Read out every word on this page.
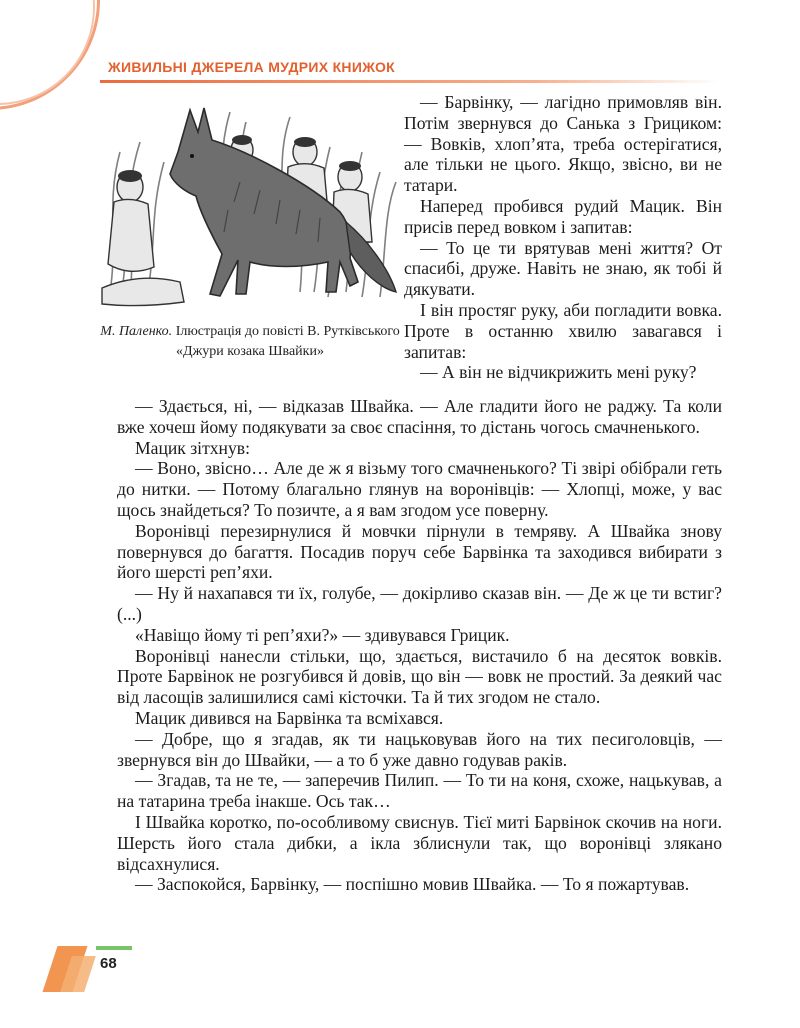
ЖИВИЛЬНІ ДЖЕРЕЛА МУДРИХ КНИЖОК
М. Паленко. Ілюстрація до повісті В. Рутківського «Джури козака Швайки»

— Барвінку, — лагідно примовляв він. Потім звернувся до Санька з Грициком: — Вовків, хлоп’ята, треба остерігатися, але тільки не цього. Якщо, звісно, ви не татари.

Наперед пробився рудий Мацик. Він присів перед вовком і запитав:

— То це ти врятував мені життя? От спасибі, друже. Навіть не знаю, як тобі й дякувати.

І він простяг руку, аби погладити вовка. Проте в останню хвилю завагався і запитав:

— А він не відчикрижить мені руку?

— Здається, ні, — відказав Швайка. — Але гладити його не раджу. Та коли вже хочеш йому подякувати за своє спасіння, то дістань чогось смачненького.

Мацик зітхнув:

— Воно, звісно… Але де ж я візьму того смачненького? Ті звірі обібрали геть до нитки. — Потому благально глянув на воронівців: — Хлопці, може, у вас щось знайдеться? То позичте, а я вам згодом усе поверну.

Воронівці перезирнулися й мовчки пірнули в темряву. А Швайка знову повернувся до багаття. Посадив поруч себе Барвінка та заходився вибирати з його шерсті реп’яхи.

— Ну й нахапався ти їх, голубе, — докірливо сказав він. — Де ж це ти встиг? (...)

«Навіщо йому ті реп’яхи?» — здивувався Грицик.

Воронівці нанесли стільки, що, здається, вистачило б на десяток вовків. Проте Барвінок не розгубився й довів, що він — вовк не простий. За деякий час від ласощів залишилися самі кісточки. Та й тих згодом не стало.

Мацик дивився на Барвінка та всміхався.

— Добре, що я згадав, як ти нацьковував його на тих песиголовців, — звернувся він до Швайки, — а то б уже давно годував раків.

— Згадав, та не те, — заперечив Пилип. — То ти на коня, схоже, нацькував, а на татарина треба інакше. Ось так…

І Швайка коротко, по-особливому свиснув. Тієї миті Барвінок скочив на ноги. Шерсть його стала дибки, а ікла зблиснули так, що воронівці злякано відсахнулися.

— Заспокойся, Барвінку, — поспішно мовив Швайка. — То я пожартував.

68
